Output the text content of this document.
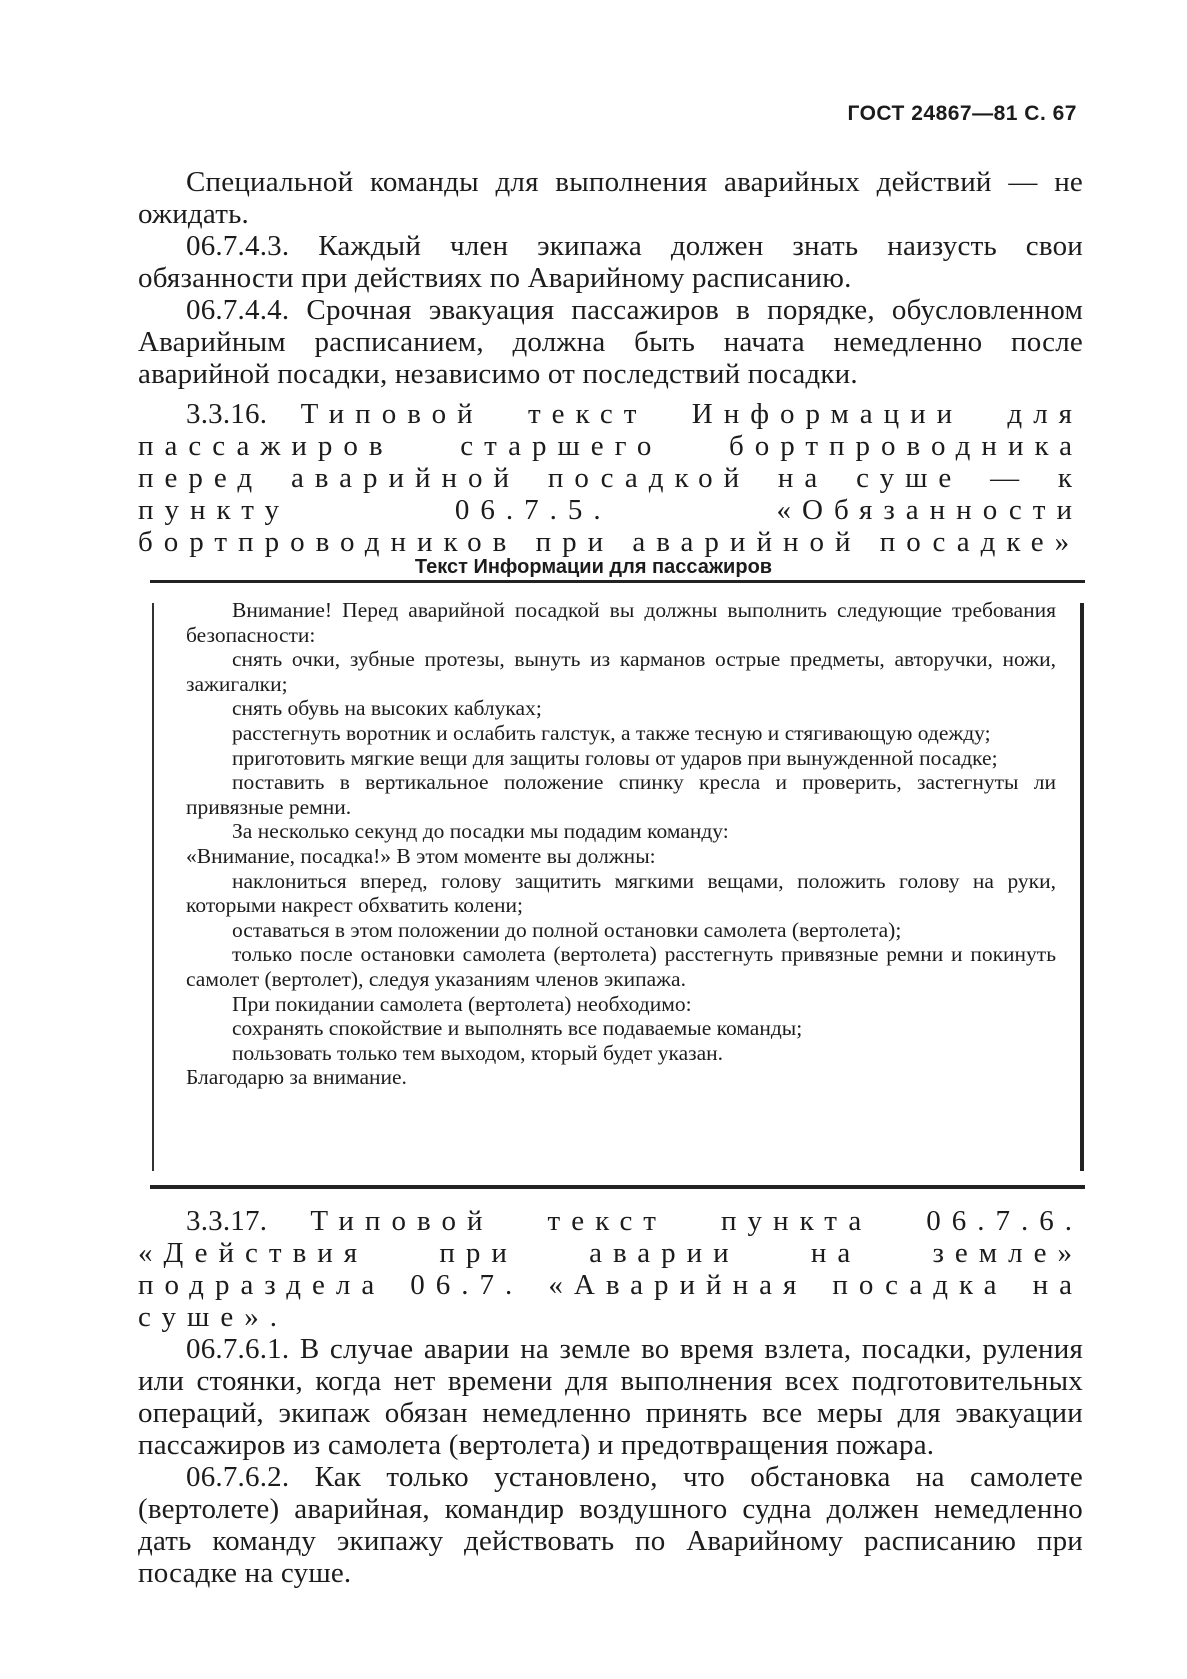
ГОСТ 24867—81 С. 67

Специальной команды для выполнения аварийных действий — не ожидать.

06.7.4.3. Каждый член экипажа должен знать наизусть свои обязанности при действиях по Аварийному расписанию.

06.7.4.4. Срочная эвакуация пассажиров в порядке, обусловленном Аварийным расписанием, должна быть начата немедленно после аварийной посадки, независимо от последствий посадки.

3.3.16. Типовой текст Информации для пассажиров старшего бортпроводника перед аварийной посадкой на суше — к пункту 06.7.5. «Обязанности бортпроводников при аварийной посадке»

Текст Информации для пассажиров

Внимание! Перед аварийной посадкой вы должны выполнить следующие требования безопасности:

снять очки, зубные протезы, вынуть из карманов острые предметы, авторучки, ножи, зажигалки;

снять обувь на высоких каблуках;

расстегнуть воротник и ослабить галстук, а также тесную и стягивающую одежду;

приготовить мягкие вещи для защиты головы от ударов при вынужденной посадке;

поставить в вертикальное положение спинку кресла и проверить, застегнуты ли привязные ремни.

За несколько секунд до посадки мы подадим команду:

«Внимание, посадка!» В этом моменте вы должны:

наклониться вперед, голову защитить мягкими вещами, положить голову на руки, которыми накрест обхватить колени;

оставаться в этом положении до полной остановки самолета (вертолета);

только после остановки самолета (вертолета) расстегнуть привязные ремни и покинуть самолет (вертолет), следуя указаниям членов экипажа.

При покидании самолета (вертолета) необходимо:

сохранять спокойствие и выполнять все подаваемые команды;

пользовать только тем выходом, кторый будет указан.

Благодарю за внимание.

3.3.17. Типовой текст пункта 06.7.6. «Действия при аварии на земле» подраздела 06.7. «Аварийная посадка на суше».

06.7.6.1. В случае аварии на земле во время взлета, посадки, руления или стоянки, когда нет времени для выполнения всех подготовительных операций, экипаж обязан немедленно принять все меры для эвакуации пассажиров из самолета (вертолета) и предотвращения пожара.

06.7.6.2. Как только установлено, что обстановка на самолете (вертолете) аварийная, командир воздушного судна должен немедленно дать команду экипажу действовать по Аварийному расписанию при посадке на суше.
